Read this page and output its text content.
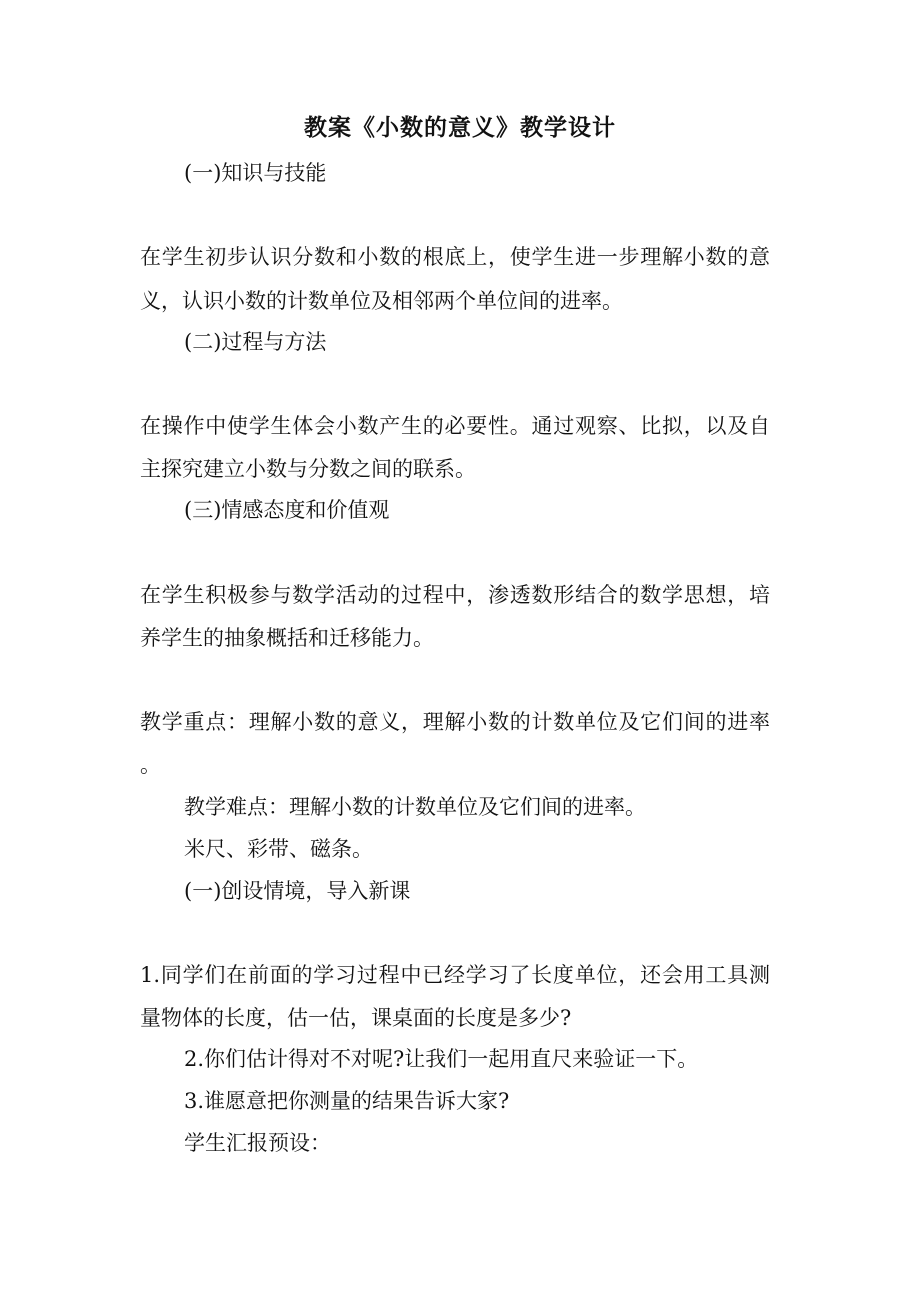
教案《小数的意义》教学设计
(一)知识与技能
在学生初步认识分数和小数的根底上，使学生进一步理解小数的意
义，认识小数的计数单位及相邻两个单位间的进率。
(二)过程与方法
在操作中使学生体会小数产生的必要性。通过观察、比拟，以及自
主探究建立小数与分数之间的联系。
(三)情感态度和价值观
在学生积极参与数学活动的过程中，渗透数形结合的数学思想，培
养学生的抽象概括和迁移能力。
教学重点：理解小数的意义，理解小数的计数单位及它们间的进率
。
教学难点：理解小数的计数单位及它们间的进率。
米尺、彩带、磁条。
(一)创设情境，导入新课
1.同学们在前面的学习过程中已经学习了长度单位，还会用工具测
量物体的长度，估一估，课桌面的长度是多少?
2.你们估计得对不对呢?让我们一起用直尺来验证一下。
3.谁愿意把你测量的结果告诉大家?
学生汇报预设：
